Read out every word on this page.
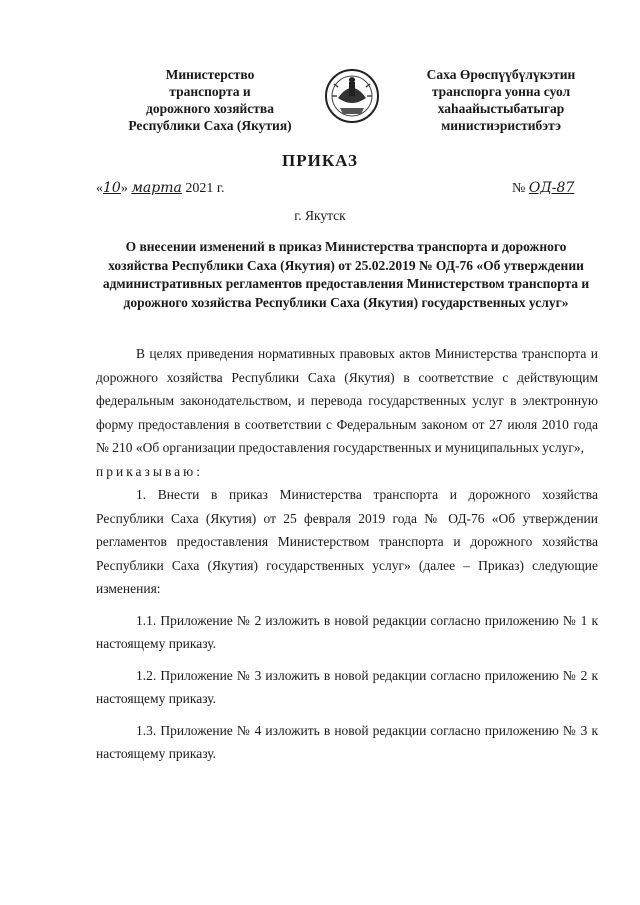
Министерство
транспорта и
дорожного хозяйства
Республики Саха (Якутия)
Саха Өрөспүүбүлүкэтин
транспорга уонна суол
хаһаайыстыбатыгар
министиэристибэтэ
ПРИКАЗ
«10» марта 2021 г.	№ ОД-87
г. Якутск
О внесении изменений в приказ Министерства транспорта и дорожного хозяйства Республики Саха (Якутия) от 25.02.2019 № ОД-76 «Об утверждении административных регламентов предоставления Министерством транспорта и дорожного хозяйства Республики Саха (Якутия) государственных услуг»

В целях приведения нормативных правовых актов Министерства транспорта и дорожного хозяйства Республики Саха (Якутия) в соответствие с действующим федеральным законодательством, и перевода государственных услуг в электронную форму предоставления в соответствии с Федеральным законом от 27 июля 2010 года № 210 «Об организации предоставления государственных и муниципальных услуг»,

приказываю:

1. Внести в приказ Министерства транспорта и дорожного хозяйства Республики Саха (Якутия) от 25 февраля 2019 года № ОД-76 «Об утверждении регламентов предоставления Министерством транспорта и дорожного хозяйства Республики Саха (Якутия) государственных услуг» (далее – Приказ) следующие изменения:

1.1. Приложение № 2 изложить в новой редакции согласно приложению № 1 к настоящему приказу.

1.2. Приложение № 3 изложить в новой редакции согласно приложению № 2 к настоящему приказу.

1.3. Приложение № 4 изложить в новой редакции согласно приложению № 3 к настоящему приказу.
